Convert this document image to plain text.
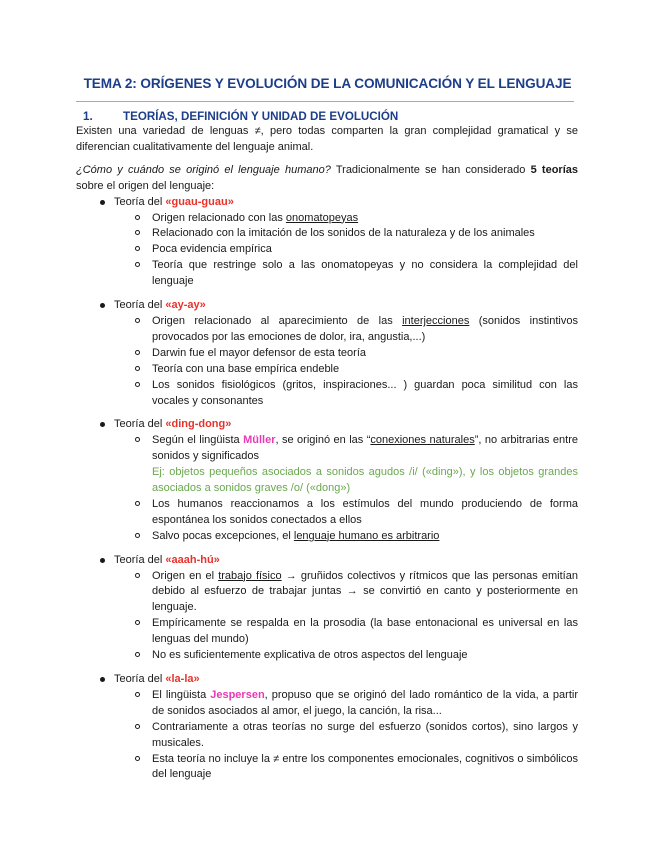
TEMA 2: ORÍGENES Y EVOLUCIÓN DE LA COMUNICACIÓN Y EL LENGUAJE
1.	TEORÍAS, DEFINICIÓN Y UNIDAD DE EVOLUCIÓN

Existen una variedad de lenguas ≠, pero todas comparten la gran complejidad gramatical y se diferencian cualitativamente del lenguaje animal.

¿Cómo y cuándo se originó el lenguaje humano? Tradicionalmente se han considerado 5 teorías sobre el origen del lenguaje:

Teoría del «guau-guau»
Origen relacionado con las onomatopeyas
Relacionado con la imitación de los sonidos de la naturaleza y de los animales
Poca evidencia empírica
Teoría que restringe solo a las onomatopeyas y no considera la complejidad del lenguaje
Teoría del «ay-ay»
Origen relacionado al aparecimiento de las interjecciones (sonidos instintivos provocados por las emociones de dolor, ira, angustia,...)
Darwin fue el mayor defensor de esta teoría
Teoría con una base empírica endeble
Los sonidos fisiológicos (gritos, inspiraciones... ) guardan poca similitud con las vocales y consonantes
Teoría del «ding-dong»
Según el lingüista Müller, se originó en las “conexiones naturales”, no arbitrarias entre sonidos y significados
Ej: objetos pequeños asociados a sonidos agudos /i/ («ding»), y los objetos grandes asociados a sonidos graves /o/ («dong»)
Los humanos reaccionamos a los estímulos del mundo produciendo de forma espontánea los sonidos conectados a ellos
Salvo pocas excepciones, el lenguaje humano es arbitrario
Teoría del «aaah-hú»
Origen en el trabajo físico → gruñidos colectivos y rítmicos que las personas emitían debido al esfuerzo de trabajar juntas → se convirtió en canto y posteriormente en lenguaje.
Empíricamente se respalda en la prosodia (la base entonacional es universal en las lenguas del mundo)
No es suficientemente explicativa de otros aspectos del lenguaje
Teoría del «la-la»
El lingüista Jespersen, propuso que se originó del lado romántico de la vida, a partir de sonidos asociados al amor, el juego, la canción, la risa...
Contrariamente a otras teorías no surge del esfuerzo (sonidos cortos), sino largos y musicales.
Esta teoría no incluye la ≠ entre los componentes emocionales, cognitivos o simbólicos del lenguaje
